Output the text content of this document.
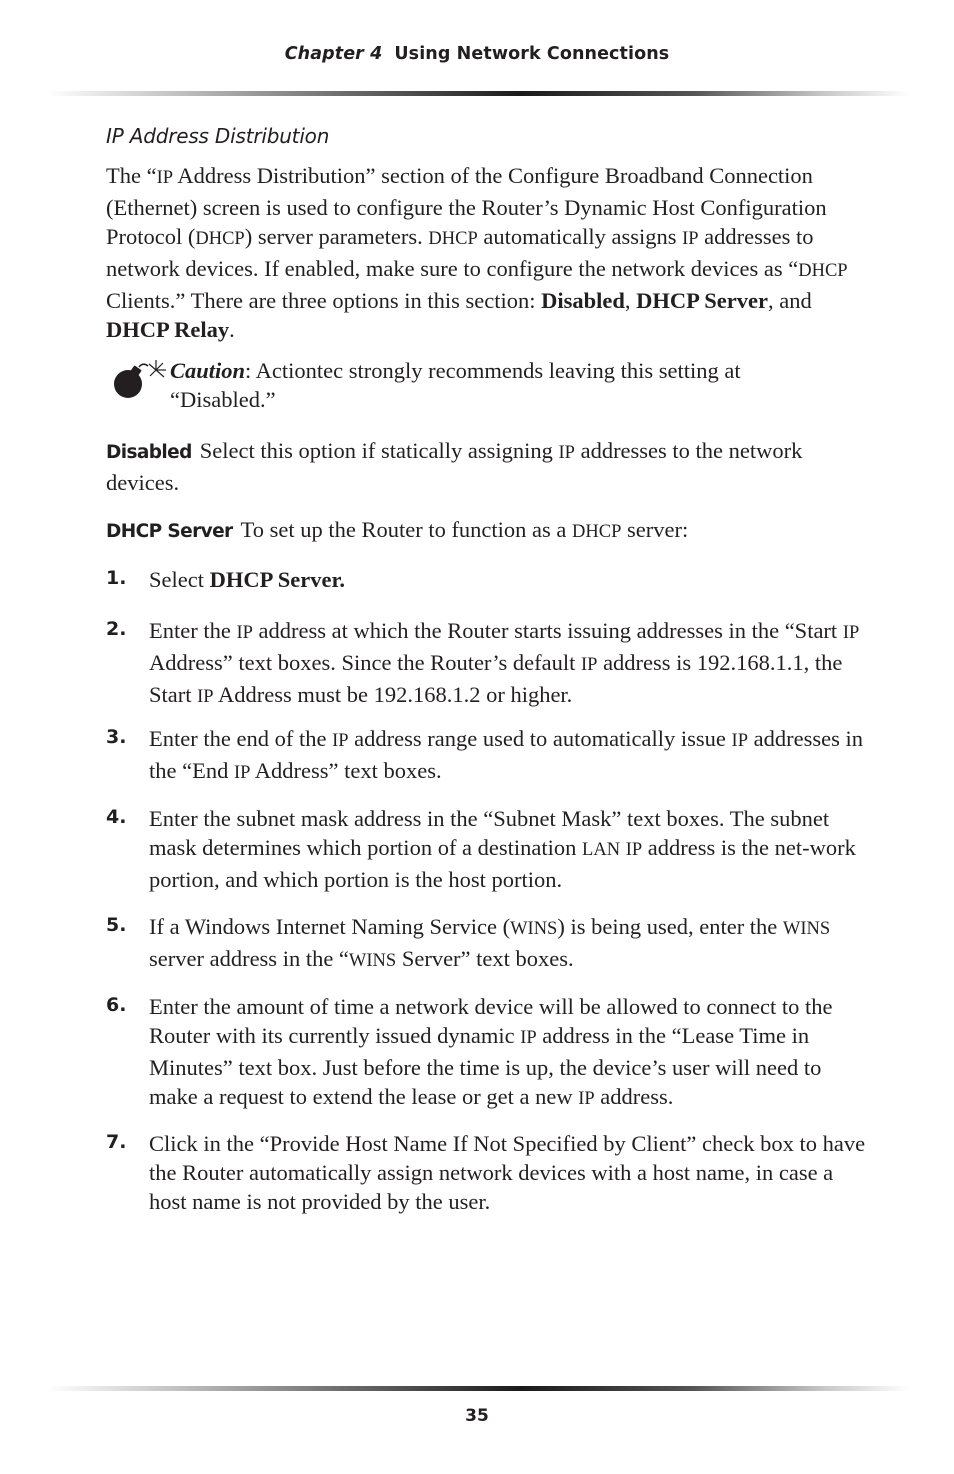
Chapter 4 Using Network Connections
IP Address Distribution

The “IP Address Distribution” section of the Configure Broadband Connection (Ethernet) screen is used to configure the Router’s Dynamic Host Configuration Protocol (DHCP) server parameters. DHCP automatically assigns IP addresses to network devices. If enabled, make sure to configure the network devices as “DHCP Clients.” There are three options in this section: Disabled, DHCP Server, and DHCP Relay.

Caution: Actiontec strongly recommends leaving this setting at “Disabled.”
Disabled Select this option if statically assigning IP addresses to the network devices.
DHCP Server To set up the Router to function as a DHCP server:
1. Select DHCP Server.
2. Enter the IP address at which the Router starts issuing addresses in the “Start IP Address” text boxes. Since the Router’s default IP address is 192.168.1.1, the Start IP Address must be 192.168.1.2 or higher.
3. Enter the end of the IP address range used to automatically issue IP addresses in the “End IP Address” text boxes.
4. Enter the subnet mask address in the “Subnet Mask” text boxes. The subnet mask determines which portion of a destination LAN IP address is the net-work portion, and which portion is the host portion.
5. If a Windows Internet Naming Service (WINS) is being used, enter the WINS server address in the “WINS Server” text boxes.
6. Enter the amount of time a network device will be allowed to connect to the Router with its currently issued dynamic IP address in the “Lease Time in Minutes” text box. Just before the time is up, the device’s user will need to make a request to extend the lease or get a new IP address.
7. Click in the “Provide Host Name If Not Specified by Client” check box to have the Router automatically assign network devices with a host name, in case a host name is not provided by the user.
35
